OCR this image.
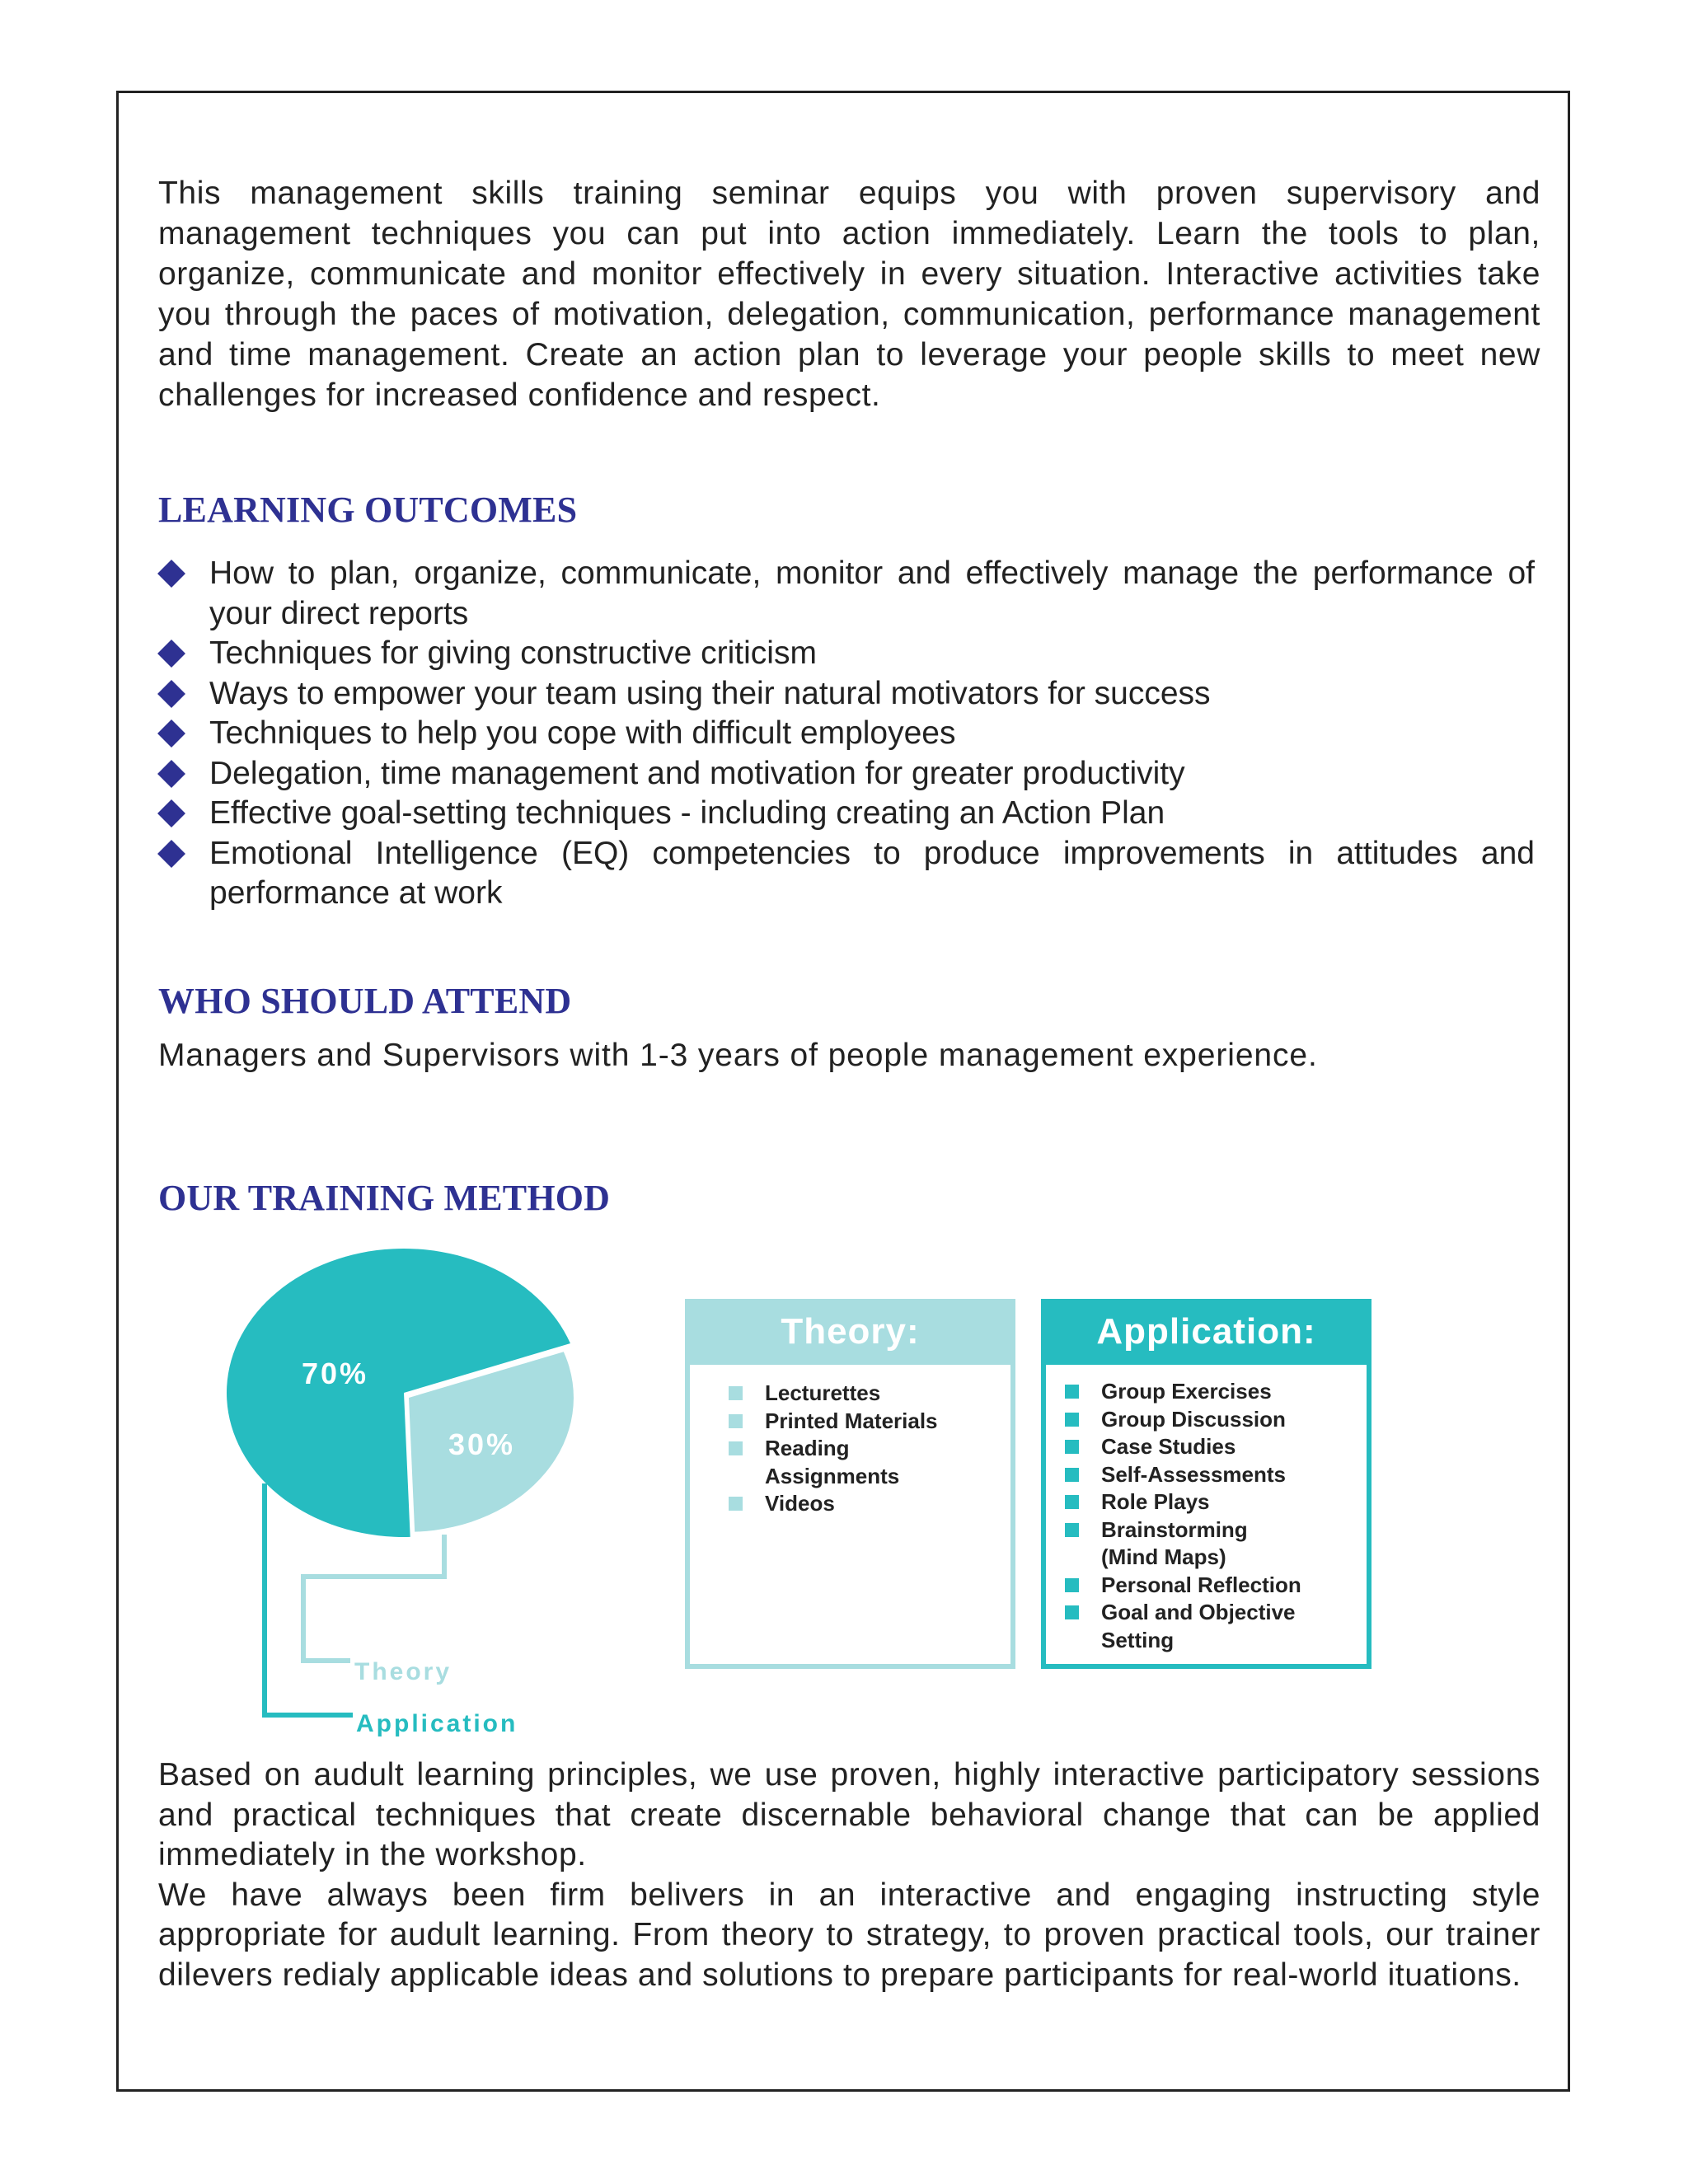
This management skills training seminar equips you with proven supervisory and management techniques you can put into action immediately. Learn the tools to plan, organize, communicate and monitor effectively in every situation. Interactive activities take you through the paces of motivation, delegation, communication, performance management and time management. Create an action plan to leverage your people skills to meet new challenges for increased confidence and respect.

LEARNING OUTCOMES
How to plan, organize, communicate, monitor and effectively manage the performance of your direct reports
Techniques for giving constructive criticism
Ways to empower your team using their natural motivators for success
Techniques to help you cope with difficult employees
Delegation, time management and motivation for greater productivity
Effective goal-setting techniques - including creating an Action Plan
Emotional Intelligence (EQ) competencies to produce improvements in attitudes and performance at work
WHO SHOULD ATTEND
Managers and Supervisors with 1-3 years of people management experience.
OUR TRAINING METHOD
70%
30%
Theory
Application
Theory:
Lecturettes
Printed Materials
Reading Assignments
Videos
Application:
Group Exercises
Group Discussion
Case Studies
Self-Assessments
Role Plays
Brainstorming (Mind Maps)
Personal Reflection
Goal and Objective Setting

Based on audult learning principles, we use proven, highly interactive participatory sessions and practical techniques that create discernable behavioral change that can be applied immediately in the workshop.

We have always been firm belivers in an interactive and engaging instructing style appropriate for audult learning. From theory to strategy, to proven practical tools, our trainer dilevers redialy applicable ideas and solutions to prepare participants for real-world ituations.
